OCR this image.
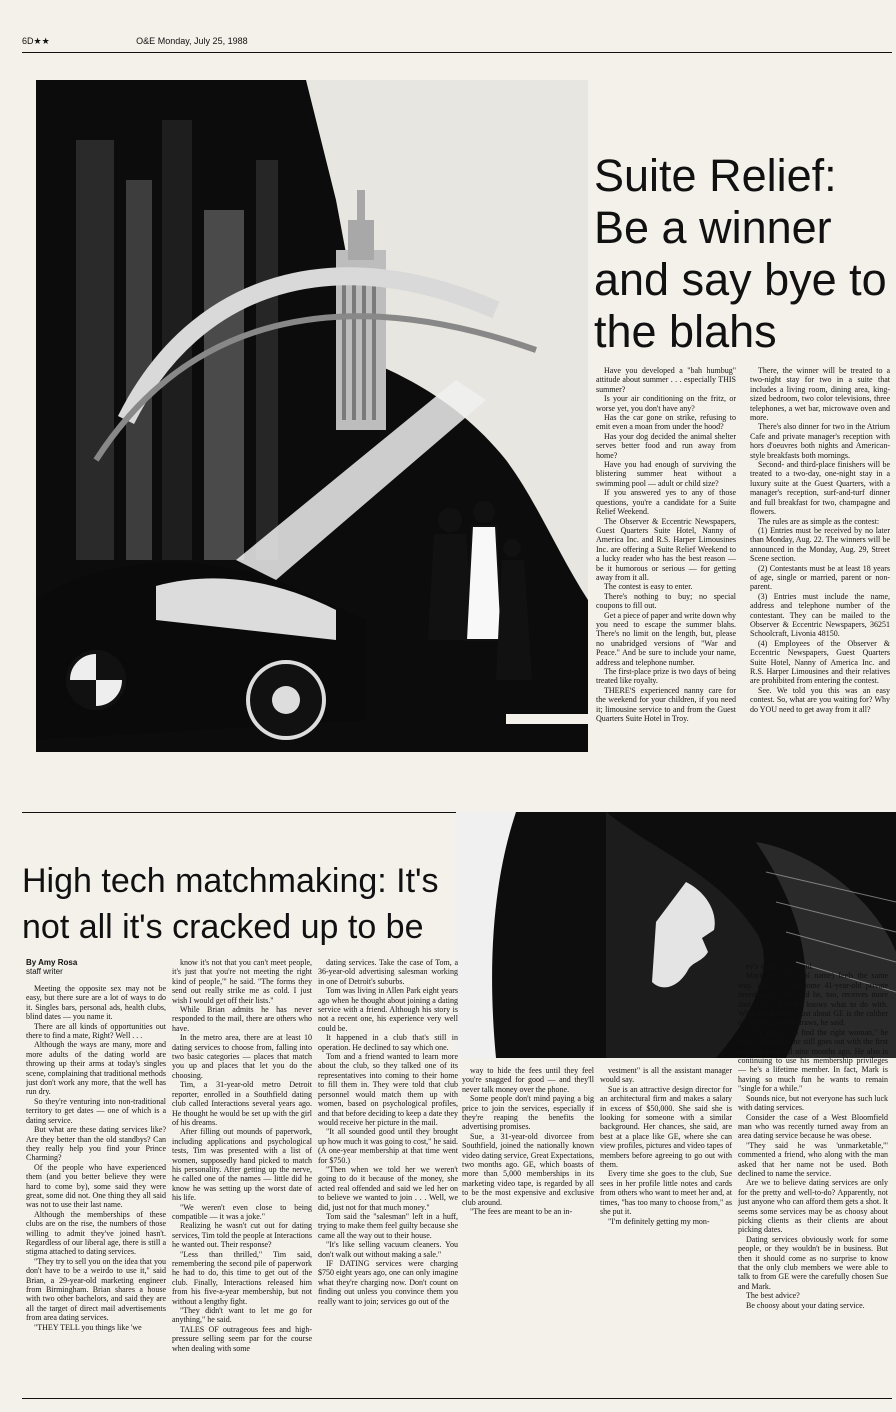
6D★★	O&E Monday, July 25, 1988
Suite Relief: Be a winner and say bye to the blahs

Have you developed a "bah humbug" attitude about summer . . . especially THIS summer?

Is your air conditioning on the fritz, or worse yet, you don't have any?

Has the car gone on strike, refusing to emit even a moan from under the hood?

Has your dog decided the animal shelter serves better food and run away from home?

Have you had enough of surviving the blistering summer heat without a swimming pool — adult or child size?

If you answered yes to any of those questions, you're a candidate for a Suite Relief Weekend.

The Observer & Eccentric Newspapers, Guest Quarters Suite Hotel, Nanny of America Inc. and R.S. Harper Limousines Inc. are offering a Suite Relief Weekend to a lucky reader who has the best reason — be it humorous or serious — for getting away from it all.

The contest is easy to enter.

There's nothing to buy; no special coupons to fill out.

Get a piece of paper and write down why you need to escape the summer blahs. There's no limit on the length, but, please no unabridged versions of "War and Peace." And be sure to include your name, address and telephone number.

The first-place prize is two days of being treated like royalty.

THERE'S experienced nanny care for the weekend for your children, if you need it; limousine service to and from the Guest Quarters Suite Hotel in Troy.

There, the winner will be treated to a two-night stay for two in a suite that includes a living room, dining area, king-sized bedroom, two color televisions, three telephones, a wet bar, microwave oven and more.

There's also dinner for two in the Atrium Cafe and private manager's reception with hors d'oeuvres both nights and American-style breakfasts both mornings.

Second- and third-place finishers will be treated to a two-day, one-night stay in a luxury suite at the Guest Quarters, with a manager's reception, surf-and-turf dinner and full breakfast for two, champagne and flowers.

The rules are as simple as the contest:

(1) Entries must be received by no later than Monday, Aug. 22. The winners will be announced in the Monday, Aug. 29, Street Scene section.

(2) Contestants must be at least 18 years of age, single or married, parent or non-parent.

(3) Entries must include the name, address and telephone number of the contestant. They can be mailed to the Observer & Eccentric Newspapers, 36251 Schoolcraft, Livonia 48150.

(4) Employees of the Observer & Eccentric Newspapers, Guest Quarters Suite Hotel, Nanny of America Inc. and R.S. Harper Limousines and their relatives are prohibited from entering the contest.

See. We told you this was an easy contest. So, what are you waiting for? Why do YOU need to get away from it all?

High tech matchmaking: It's not all it's cracked up to be
By Amy Rosa
staff writer

Meeting the opposite sex may not be easy, but there sure are a lot of ways to do it. Singles bars, personal ads, health clubs, blind dates — you name it.

There are all kinds of opportunities out there to find a mate, Right? Well . . .

Although the ways are many, more and more adults of the dating world are throwing up their arms at today's singles scene, complaining that traditional methods just don't work any more, that the well has run dry.

So they're venturing into non-traditional territory to get dates — one of which is a dating service.

But what are these dating services like? Are they better than the old standbys? Can they really help you find your Prince Charming?

Of the people who have experienced them (and you better believe they were hard to come by), some said they were great, some did not. One thing they all said was not to use their last name.

Although the memberships of these clubs are on the rise, the numbers of those willing to admit they've joined hasn't. Regardless of our liberal age, there is still a stigma attached to dating services.

"They try to sell you on the idea that you don't have to be a weirdo to use it," said Brian, a 29-year-old marketing engineer from Birmingham. Brian shares a house with two other bachelors, and said they are all the target of direct mail advertisements from area dating services.

"THEY TELL you things like 'we

know it's not that you can't meet people, it's just that you're not meeting the right kind of people,'" he said. "The forms they send out really strike me as cold. I just wish I would get off their lists."

While Brian admits he has never responded to the mail, there are others who have.

In the metro area, there are at least 10 dating services to choose from, falling into two basic categories — places that match you up and places that let you do the choosing.

Tim, a 31-year-old metro Detroit reporter, enrolled in a Southfield dating club called Interactions several years ago. He thought he would be set up with the girl of his dreams.

After filling out mounds of paperwork, including applications and psychological tests, Tim was presented with a list of women, supposedly hand picked to match his personality. After getting up the nerve, he called one of the names — little did he know he was setting up the worst date of his life.

"We weren't even close to being compatible — it was a joke."

Realizing he wasn't cut out for dating services, Tim told the people at Interactions he wanted out. Their response?

"Less than thrilled," Tim said, remembering the second pile of paperwork he had to do, this time to get out of the club. Finally, Interactions released him from his five-a-year membership, but not without a lengthy fight.

"They didn't want to let me go for anything," he said.

TALES OF outrageous fees and high-pressure selling seem par for the course when dealing with some

dating services. Take the case of Tom, a 36-year-old advertising salesman working in one of Detroit's suburbs.

Tom was living in Allen Park eight years ago when he thought about joining a dating service with a friend. Although his story is not a recent one, his experience very well could be.

It happened in a club that's still in operation. He declined to say which one.

Tom and a friend wanted to learn more about the club, so they talked one of its representatives into coming to their home to fill them in. They were told that club personnel would match them up with women, based on psychological profiles, and that before deciding to keep a date they would receive her picture in the mail.

"It all sounded good until they brought up how much it was going to cost," he said. (A one-year membership at that time went for $750.)

"Then when we told her we weren't going to do it because of the money, she acted real offended and said we led her on to believe we wanted to join . . . Well, we did, just not for that much money."

Tom said the "salesman" left in a huff, trying to make them feel guilty because she came all the way out to their house.

"It's like selling vacuum cleaners. You don't walk out without making a sale."

IF DATING services were charging $750 eight years ago, one can only imagine what they're charging now. Don't count on finding out unless you convince them you really want to join; services go out of the

way to hide the fees until they feel you're snagged for good — and they'll never talk money over the phone.

Some people don't mind paying a big price to join the services, especially if they're reaping the benefits the advertising promises.

Sue, a 31-year-old divorcee from Southfield, joined the nationally known video dating service, Great Expectations, two months ago. GE, which boasts of more than 5,000 memberships in its marketing video tape, is regarded by all to be the most expensive and exclusive club around.

"The fees are meant to be an in-

vestment" is all the assistant manager would say.

Sue is an attractive design director for an architectural firm and makes a salary in excess of $50,000. She said she is looking for someone with a similar background. Her chances, she said, are best at a place like GE, where she can view profiles, pictures and video tapes of members before agreeing to go out with them.

Every time she goes to the club, Sue sees in her profile little notes and cards from others who want to meet her and, at times, "has too many to choose from," as she put it.

"I'm definitely getting my mon-

ey's worth," she said.

Mark (not his real name) feels the same way. He is a handsome 41-year-old private investigator who said he, too, receives more date offers than he knows what to do with. What Mark likes most about GE is the caliber of people the club draws, he said.

"IT'S HARD to find the right woman," he said, adding that he still goes out with the first woman he dated nine months ago. He also is continuing to use his membership privileges — he's a lifetime member. In fact, Mark is having so much fun he wants to remain "single for a while."

Sounds nice, but not everyone has such luck with dating services.

Consider the case of a West Bloomfield man who was recently turned away from an area dating service because he was obese.

"They said he was 'unmarketable,'" commented a friend, who along with the man asked that her name not be used. Both declined to name the service.

Are we to believe dating services are only for the pretty and well-to-do? Apparently, not just anyone who can afford them gets a shot. It seems some services may be as choosy about picking clients as their clients are about picking dates.

Dating services obviously work for some people, or they wouldn't be in business. But then it should come as no surprise to know that the only club members we were able to talk to from GE were the carefully chosen Sue and Mark.

The best advice?

Be choosy about your dating service.
